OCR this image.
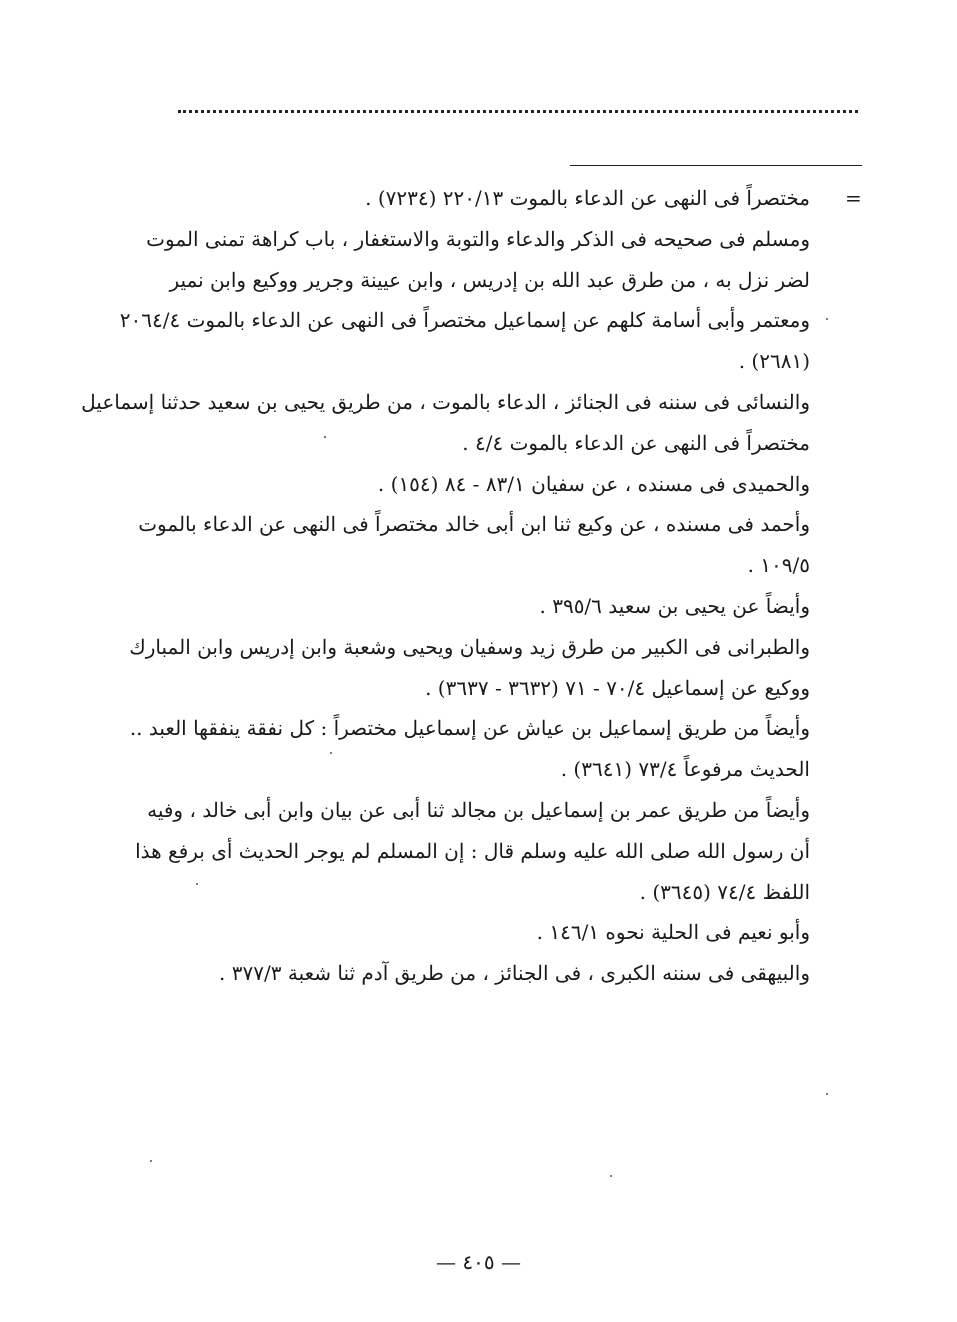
=
مختصراً فى النهى عن الدعاء بالموت ٢٢٠/١٣ (٧٢٣٤) .
ومسلم فى صحيحه فى الذكر والدعاء والتوبة والاستغفار ، باب كراهة تمنى الموت
لضر نزل به ، من طرق عبد الله بن إدريس ، وابن عيينة وجرير ووكيع وابن نمير
ومعتمر وأبى أسامة كلهم عن إسماعيل مختصراً فى النهى عن الدعاء بالموت ٢٠٦٤/٤
(٢٦٨١) .
والنسائى فى سننه فى الجنائز ، الدعاء بالموت ، من طريق يحيى بن سعيد حدثنا إسماعيل
مختصراً فى النهى عن الدعاء بالموت ٤/٤ .
والحميدى فى مسنده ، عن سفيان ٨٣/١ - ٨٤ (١٥٤) .
وأحمد فى مسنده ، عن وكيع ثنا ابن أبى خالد مختصراً فى النهى عن الدعاء بالموت
١٠٩/٥ .
وأيضاً عن يحيى بن سعيد ٣٩٥/٦ .
والطبرانى فى الكبير من طرق زيد وسفيان ويحيى وشعبة وابن إدريس وابن المبارك
ووكيع عن إسماعيل ٧٠/٤ - ٧١ (٣٦٣٢ - ٣٦٣٧) .
وأيضاً من طريق إسماعيل بن عياش عن إسماعيل مختصراً : كل نفقة ينفقها العبد ..
الحديث مرفوعاً ٧٣/٤ (٣٦٤١) .
وأيضاً من طريق عمر بن إسماعيل بن مجالد ثنا أبى عن بيان وابن أبى خالد ، وفيه
أن رسول الله صلى الله عليه وسلم قال : إن المسلم لم يوجر الحديث أى برفع هذا
اللفظ ٧٤/٤ (٣٦٤٥) .
وأبو نعيم فى الحلية نحوه ١٤٦/١ .
والبيهقى فى سننه الكبرى ، فى الجنائز ، من طريق آدم ثنا شعبة ٣٧٧/٣ .
— ٤٠٥ —
